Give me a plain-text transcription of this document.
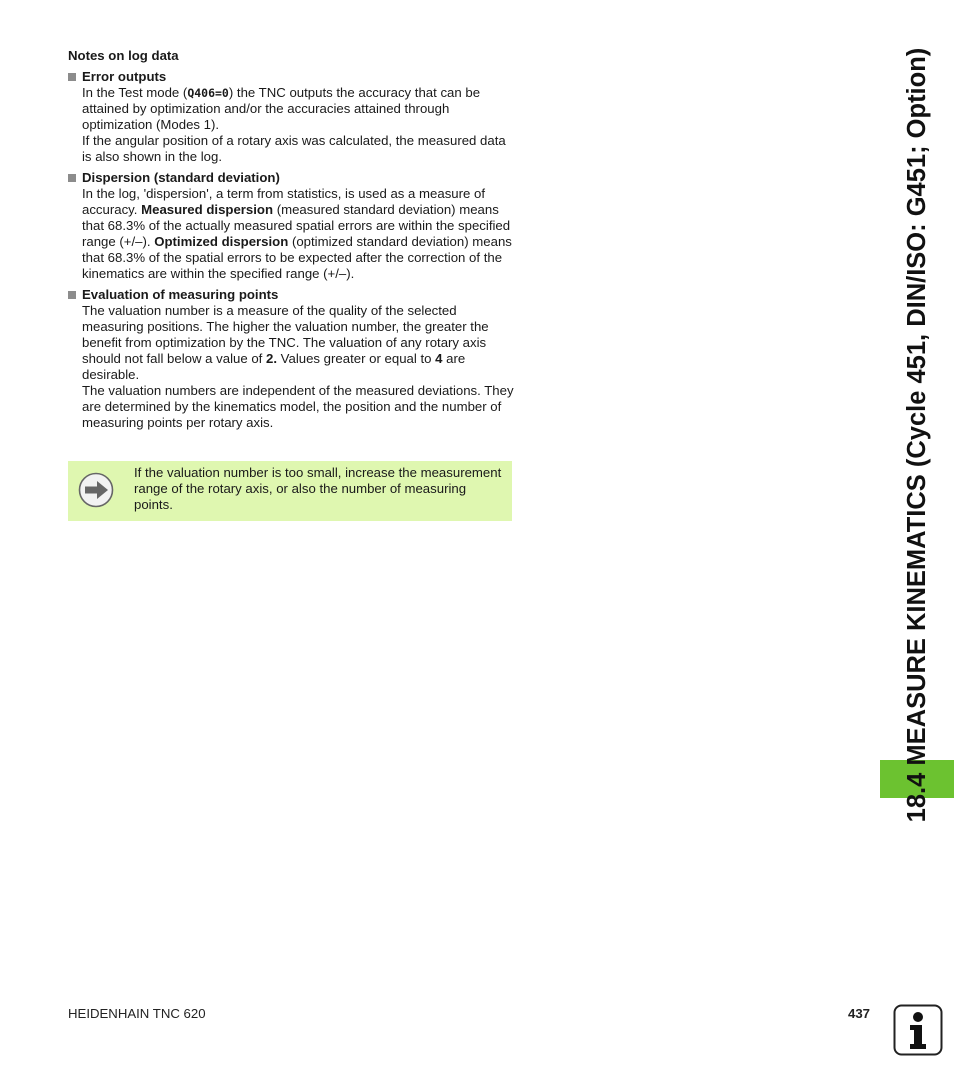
Notes on log data
Error outputs
In the Test mode (Q406=0) the TNC outputs the accuracy that can be attained by optimization and/or the accuracies attained through optimization (Modes 1).
If the angular position of a rotary axis was calculated, the measured data is also shown in the log.
Dispersion (standard deviation)
In the log, 'dispersion', a term from statistics, is used as a measure of accuracy. Measured dispersion (measured standard deviation) means that 68.3% of the actually measured spatial errors are within the specified range (+/–). Optimized dispersion (optimized standard deviation) means that 68.3% of the spatial errors to be expected after the correction of the kinematics are within the specified range (+/–).
Evaluation of measuring points
The valuation number is a measure of the quality of the selected measuring positions. The higher the valuation number, the greater the benefit from optimization by the TNC. The valuation of any rotary axis should not fall below a value of 2. Values greater or equal to 4 are desirable.
The valuation numbers are independent of the measured deviations. They are determined by the kinematics model, the position and the number of measuring points per rotary axis.
If the valuation number is too small, increase the measurement range of the rotary axis, or also the number of measuring points.	18.4 MEASURE KINEMATICS (Cycle 451, DIN/ISO: G451; Option)
HEIDENHAIN TNC 620	437
